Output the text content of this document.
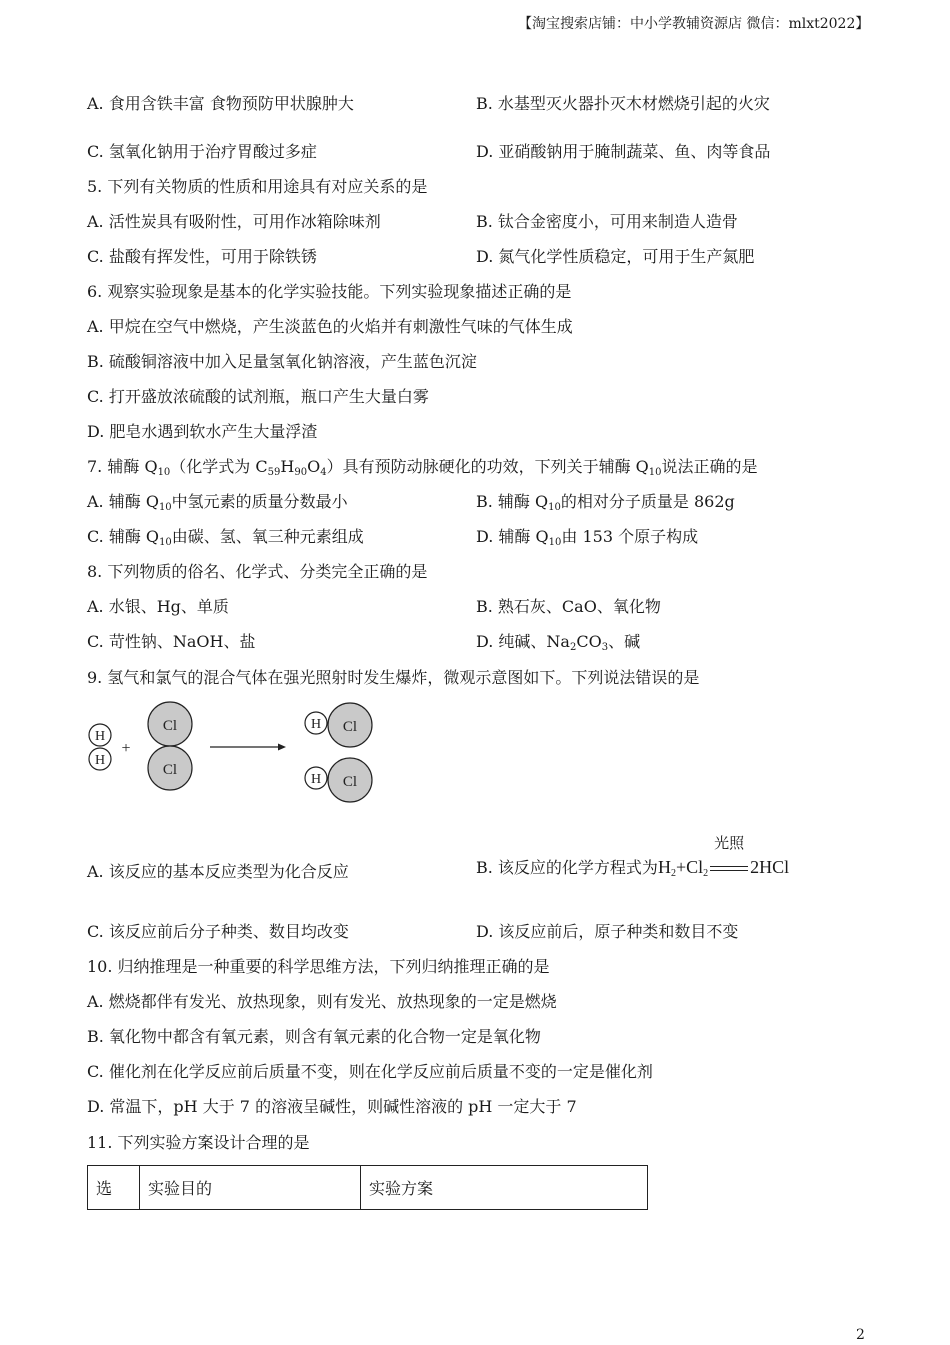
【淘宝搜索店铺：中小学教辅资源店 微信：mlxt2022】
A. 食用含铁丰富 食物预防甲状腺肿大	B. 水基型灭火器扑灭木材燃烧引起的火灾
C. 氢氧化钠用于治疗胃酸过多症	D. 亚硝酸钠用于腌制蔬菜、鱼、肉等食品
5. 下列有关物质的性质和用途具有对应关系的是
A. 活性炭具有吸附性，可用作冰箱除味剂	B. 钛合金密度小，可用来制造人造骨
C. 盐酸有挥发性，可用于除铁锈	D. 氮气化学性质稳定，可用于生产氮肥
6. 观察实验现象是基本的化学实验技能。下列实验现象描述正确的是
A. 甲烷在空气中燃烧，产生淡蓝色的火焰并有刺激性气味的气体生成
B. 硫酸铜溶液中加入足量氢氧化钠溶液，产生蓝色沉淀
C. 打开盛放浓硫酸的试剂瓶，瓶口产生大量白雾
D. 肥皂水遇到软水产生大量浮渣
7. 辅酶 $Q_{10}$（化学式为 $C_{59}H_{90}O_4$）具有预防动脉硬化的功效，下列关于辅酶 $Q_{10}$说法正确的是
A. 辅酶 $Q_{10}$中氢元素的质量分数最小	B. 辅酶 $Q_{10}$的相对分子质量是 862g
C. 辅酶 $Q_{10}$由碳、氢、氧三种元素组成	D. 辅酶 $Q_{10}$由 153 个原子构成
8. 下列物质的俗名、化学式、分类完全正确的是
A. 水银、Hg、单质	B. 熟石灰、CaO、氧化物
C. 苛性钠、NaOH、盐	D. 纯碱、$Na_2CO_3$、碱
9. 氢气和氯气的混合气体在强光照射时发生爆炸，微观示意图如下。下列说法错误的是
H
H
+
Cl
Cl
H Cl
H Cl
A. 该反应的基本反应类型为化合反应	B. 该反应的化学方程式为$H_2+Cl_2$
光照
2HCl
C. 该反应前后分子种类、数目均改变	D. 该反应前后，原子种类和数目不变
10. 归纳推理是一种重要的科学思维方法，下列归纳推理正确的是
A. 燃烧都伴有发光、放热现象，则有发光、放热现象的一定是燃烧
B. 氧化物中都含有氧元素，则含有氧元素的化合物一定是氧化物
C. 催化剂在化学反应前后质量不变，则在化学反应前后质量不变的一定是催化剂
D. 常温下，pH 大于 7 的溶液呈碱性，则碱性溶液的 pH 一定大于 7
11. 下列实验方案设计合理的是
选	实验目的	实验方案
2
